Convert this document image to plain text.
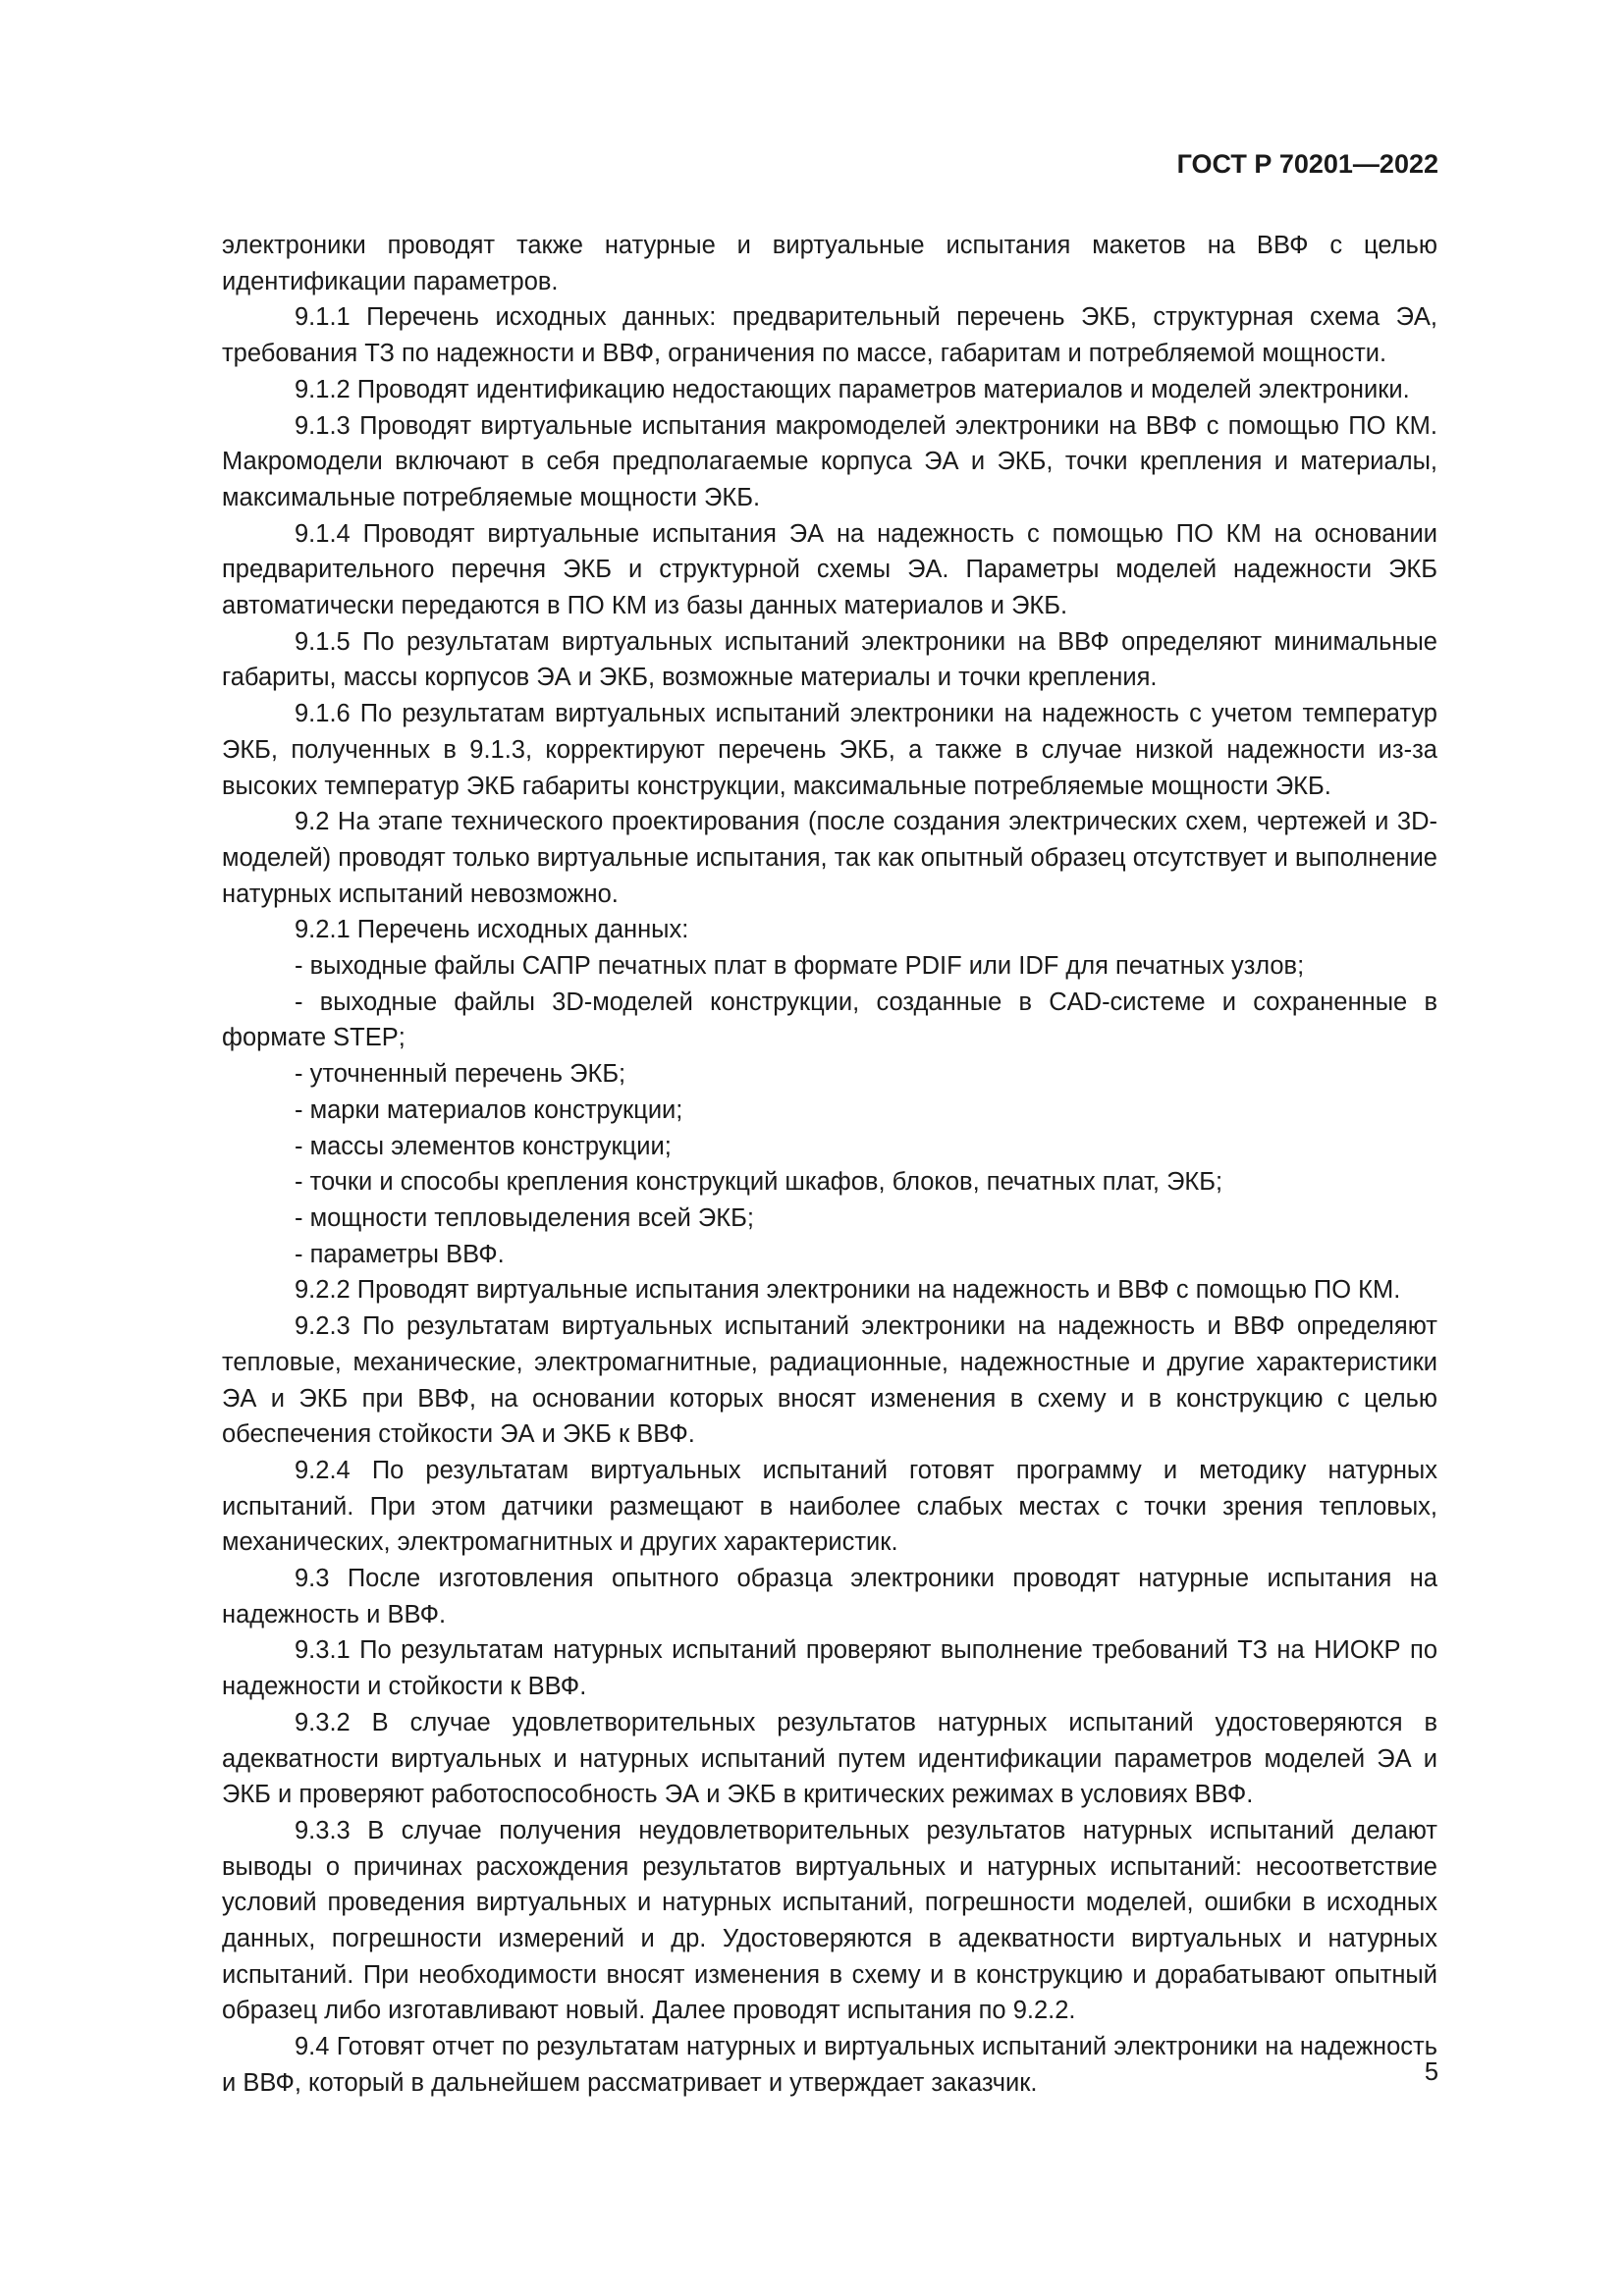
ГОСТ Р 70201—2022

электроники проводят также натурные и виртуальные испытания макетов на ВВФ с целью идентификации параметров.

9.1.1 Перечень исходных данных: предварительный перечень ЭКБ, структурная схема ЭА, требования ТЗ по надежности и ВВФ, ограничения по массе, габаритам и потребляемой мощности.

9.1.2 Проводят идентификацию недостающих параметров материалов и моделей электроники.

9.1.3 Проводят виртуальные испытания макромоделей электроники на ВВФ с помощью ПО КМ. Макромодели включают в себя предполагаемые корпуса ЭА и ЭКБ, точки крепления и материалы, максимальные потребляемые мощности ЭКБ.

9.1.4 Проводят виртуальные испытания ЭА на надежность с помощью ПО КМ на основании предварительного перечня ЭКБ и структурной схемы ЭА. Параметры моделей надежности ЭКБ автоматически передаются в ПО КМ из базы данных материалов и ЭКБ.

9.1.5 По результатам виртуальных испытаний электроники на ВВФ определяют минимальные габариты, массы корпусов ЭА и ЭКБ, возможные материалы и точки крепления.

9.1.6 По результатам виртуальных испытаний электроники на надежность с учетом температур ЭКБ, полученных в 9.1.3, корректируют перечень ЭКБ, а также в случае низкой надежности из-за высоких температур ЭКБ габариты конструкции, максимальные потребляемые мощности ЭКБ.

9.2 На этапе технического проектирования (после создания электрических схем, чертежей и 3D-моделей) проводят только виртуальные испытания, так как опытный образец отсутствует и выполнение натурных испытаний невозможно.

9.2.1 Перечень исходных данных:

- выходные файлы САПР печатных плат в формате PDIF или IDF для печатных узлов;

- выходные файлы 3D-моделей конструкции, созданные в CAD-системе и сохраненные в формате STEP;

- уточненный перечень ЭКБ;

- марки материалов конструкции;

- массы элементов конструкции;

- точки и способы крепления конструкций шкафов, блоков, печатных плат, ЭКБ;

- мощности тепловыделения всей ЭКБ;

- параметры ВВФ.

9.2.2 Проводят виртуальные испытания электроники на надежность и ВВФ с помощью ПО КМ.

9.2.3 По результатам виртуальных испытаний электроники на надежность и ВВФ определяют тепловые, механические, электромагнитные, радиационные, надежностные и другие характеристики ЭА и ЭКБ при ВВФ, на основании которых вносят изменения в схему и в конструкцию с целью обеспечения стойкости ЭА и ЭКБ к ВВФ.

9.2.4 По результатам виртуальных испытаний готовят программу и методику натурных испытаний. При этом датчики размещают в наиболее слабых местах с точки зрения тепловых, механических, электромагнитных и других характеристик.

9.3 После изготовления опытного образца электроники проводят натурные испытания на надежность и ВВФ.

9.3.1 По результатам натурных испытаний проверяют выполнение требований ТЗ на НИОКР по надежности и стойкости к ВВФ.

9.3.2 В случае удовлетворительных результатов натурных испытаний удостоверяются в адекватности виртуальных и натурных испытаний путем идентификации параметров моделей ЭА и ЭКБ и проверяют работоспособность ЭА и ЭКБ в критических режимах в условиях ВВФ.

9.3.3 В случае получения неудовлетворительных результатов натурных испытаний делают выводы о причинах расхождения результатов виртуальных и натурных испытаний: несоответствие условий проведения виртуальных и натурных испытаний, погрешности моделей, ошибки в исходных данных, погрешности измерений и др. Удостоверяются в адекватности виртуальных и натурных испытаний. При необходимости вносят изменения в схему и в конструкцию и дорабатывают опытный образец либо изготавливают новый. Далее проводят испытания по 9.2.2.

9.4 Готовят отчет по результатам натурных и виртуальных испытаний электроники на надежность и ВВФ, который в дальнейшем рассматривает и утверждает заказчик.	5
